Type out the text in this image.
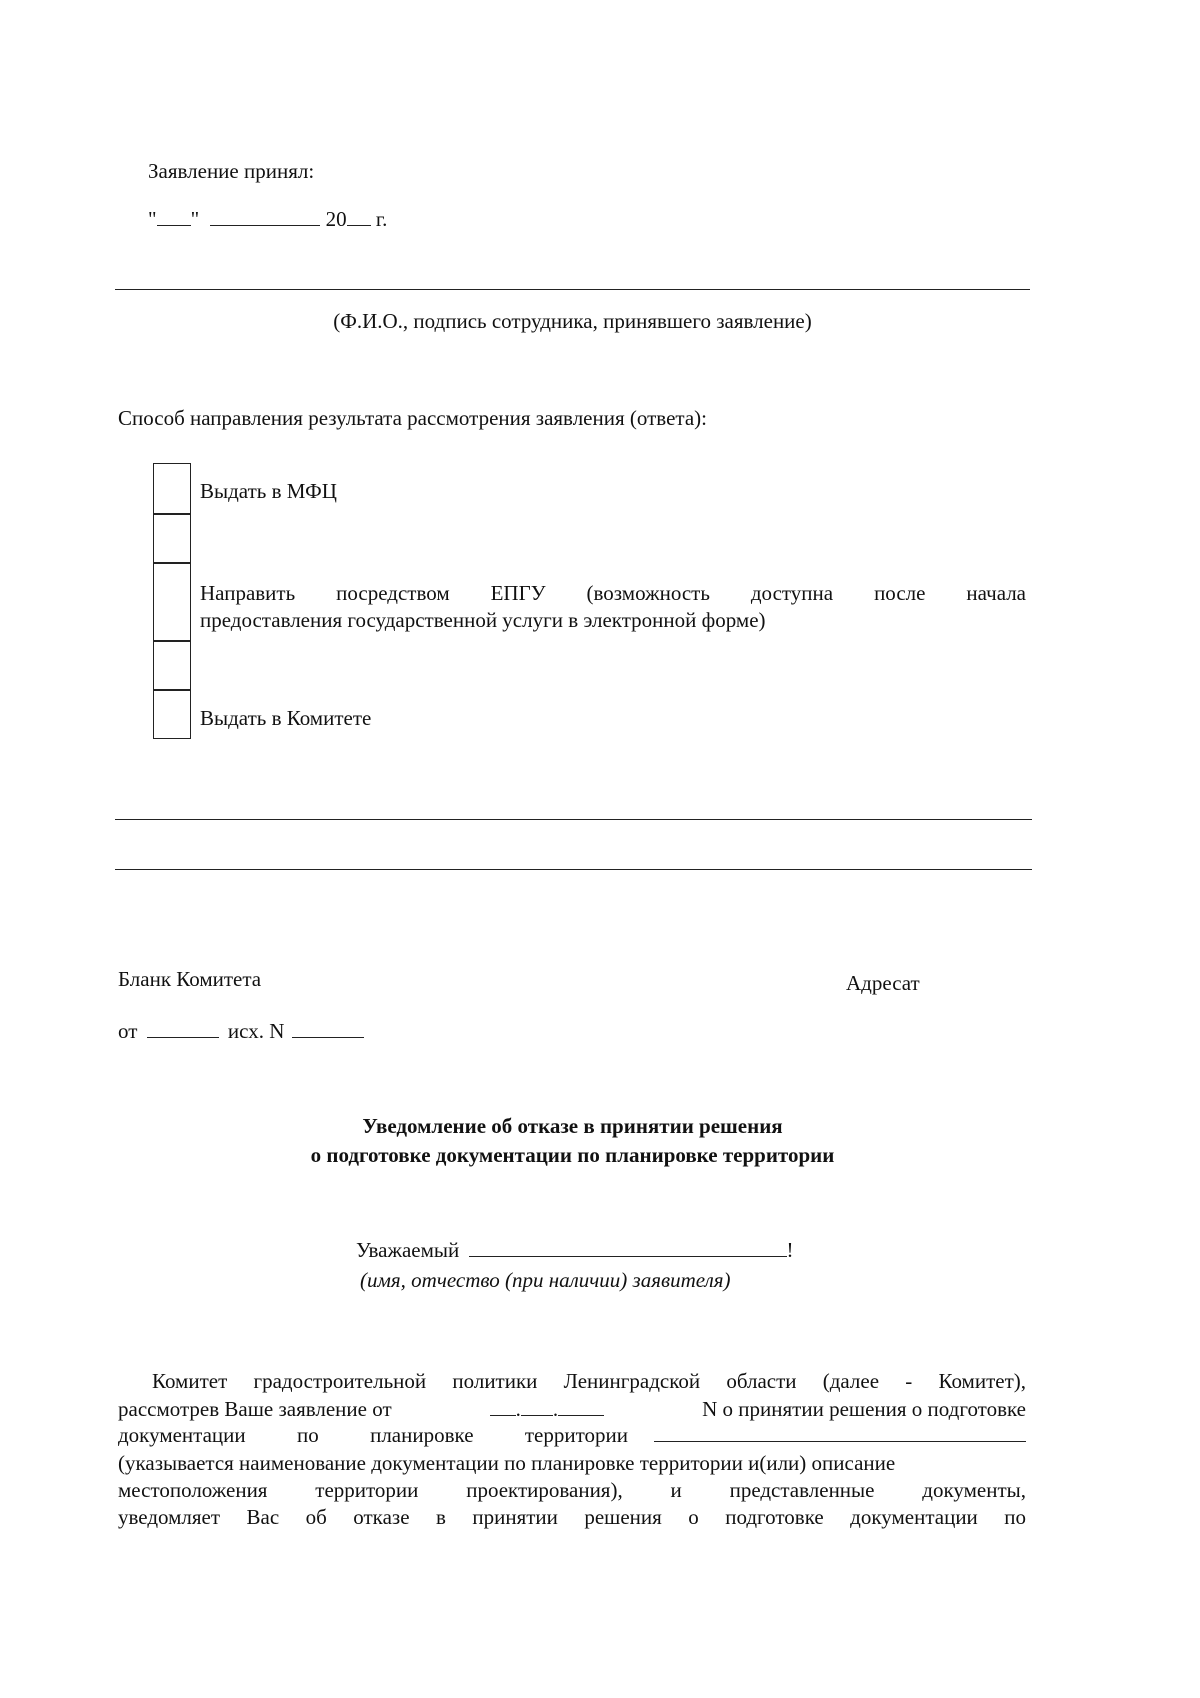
Заявление принял:
" "	20 г.
(Ф.И.О., подпись сотрудника, принявшего заявление)
Способ направления результата рассмотрения заявления (ответа):
Выдать в МФЦ
Направить посредством ЕПГУ (возможность доступна после начала
предоставления государственной услуги в электронной форме)
Выдать в Комитете
Бланк Комитета	Адресат
от	исх. N
Уведомление об отказе в принятии решения
о подготовке документации по планировке территории
Уважаемый	!
(имя, отчество (при наличии) заявителя)
Комитет градостроительной политики Ленинградской области (далее - Комитет),
рассмотрев Ваше заявление от	. .	N о принятии решения о подготовке
документации по планировке территории
(указывается наименование документации по планировке территории и(или) описание
местоположения территории проектирования), и представленные документы,
уведомляет Вас об отказе в принятии решения о подготовке документации по
